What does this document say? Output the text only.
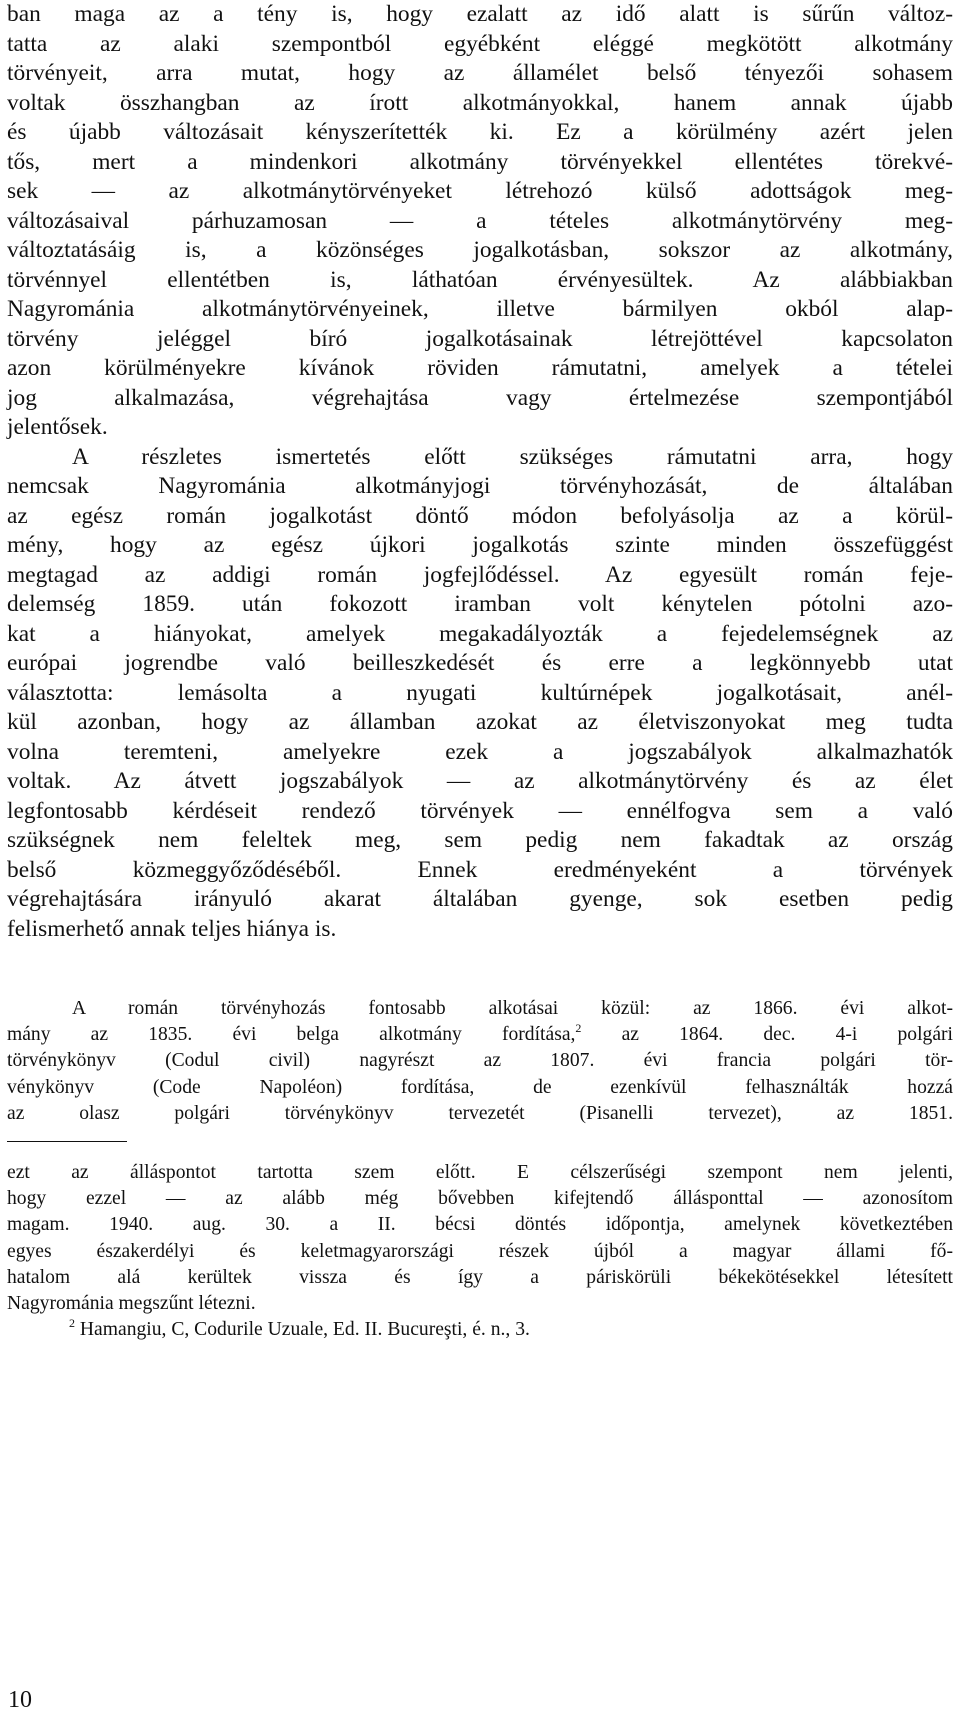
ban maga az a tény is, hogy ezalatt az idő alatt is sűrűn változ-
tatta az alaki szempontból egyébként eléggé megkötött alkotmány
törvényeit, arra mutat, hogy az államélet belső tényezői sohasem
voltak összhangban az írott alkotmányokkal, hanem annak újabb
és újabb változásait kényszerítették ki. Ez a körülmény azért jelen
tős, mert a mindenkori alkotmány törvényekkel ellentétes törekvé-
sek ― az alkotmánytörvényeket létrehozó külső adottságok meg-
változásaival párhuzamosan ― a tételes alkotmánytörvény meg-
változtatásáig is, a közönséges jogalkotásban, sokszor az alkotmány,
törvénnyel ellentétben is, láthatóan érvényesültek. Az alábbiakban
Nagyrománia alkotmánytörvényeinek, illetve bármilyen okból alap-
törvény jeléggel bíró jogalkotásainak létrejöttével kapcsolaton
azon körülményekre kívánok röviden rámutatni, amelyek a tételei
jog alkalmazása, végrehajtása vagy értelmezése szempontjából
jelentősek.
A részletes ismertetés előtt szükséges rámutatni arra, hogy
nemcsak Nagyrománia alkotmányjogi törvényhozását, de általában
az egész román jogalkotást döntő módon befolyásolja az a körül-
mény, hogy az egész újkori jogalkotás szinte minden összefüggést
megtagad az addigi román jogfejlődéssel. Az egyesült román feje-
delemség 1859. után fokozott iramban volt kénytelen pótolni azo-
kat a hiányokat, amelyek megakadályozták a fejedelemségnek az
európai jogrendbe való beilleszkedését és erre a legkönnyebb utat
választotta: lemásolta a nyugati kultúrnépek jogalkotásait, anél-
kül azonban, hogy az államban azokat az életviszonyokat meg tudta
volna teremteni, amelyekre ezek a jogszabályok alkalmazhatók
voltak. Az átvett jogszabályok ― az alkotmánytörvény és az élet
legfontosabb kérdéseit rendező törvények ― ennélfogva sem a való
szükségnek nem feleltek meg, sem pedig nem fakadtak az ország
belső közmeggyőződéséből. Ennek eredményeként a törvények
végrehajtására irányuló akarat általában gyenge, sok esetben pedig
felismerhető annak teljes hiánya is.
A román törvényhozás fontosabb alkotásai közül: az 1866. évi alkot-
mány az 1835. évi belga alkotmány fordítása,$^2$ az 1864. dec. 4-i polgári
törvénykönyv (Codul civil) nagyrészt az 1807. évi francia polgári tör-
vénykönyv (Code Napoléon) fordítása, de ezenkívül felhasználták hozzá
az olasz polgári törvénykönyv tervezetét (Pisanelli tervezet), az 1851.
ezt az álláspontot tartotta szem előtt. E célszerűségi szempont nem jelenti,
hogy ezzel ― az alább még bővebben kifejtendő állásponttal ― azonosítom
magam. 1940. aug. 30. a II. bécsi döntés időpontja, amelynek következtében
egyes északerdélyi és keletmagyarországi részek újból a magyar állami fő-
hatalom alá kerültek vissza és így a páriskörüli békekötésekkel létesített
Nagyrománia megszűnt létezni.
$^2$ Hamangiu, C, Codurile Uzuale, Ed. II. Bucureşti, é. n., 3.
10
